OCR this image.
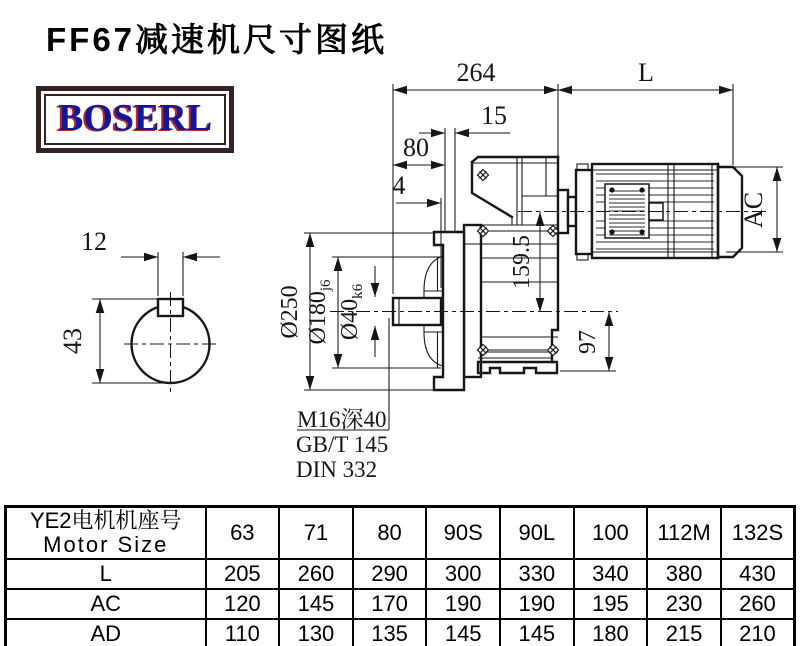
FF67减速机尺寸图纸
BOSERL
12
43
264	L
15
80
4
AC
159.5
97
Ø250 $Ø180_{j6}$
$Ø40_{k6}$
M16深40
GB/T 145
DIN 332
YE2电机机座号
Motor Size	63	71	80	90S	90L	100	112M	132S
L	205	260	290	300	330	340	380	430
AC	120	145	170	190	190	195	230	260
AD	110	130	135	145	145	180	215	210
